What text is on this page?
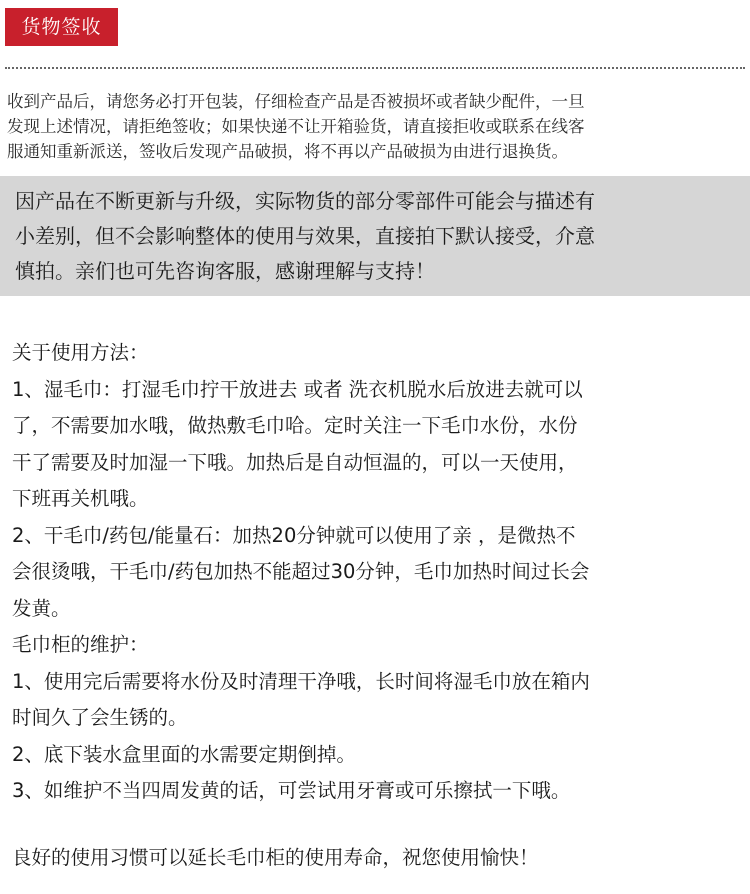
货物签收
收到产品后，请您务必打开包装，仔细检查产品是否被损坏或者缺少配件，一旦
发现上述情况，请拒绝签收；如果快递不让开箱验货，请直接拒收或联系在线客
服通知重新派送，签收后发现产品破损，将不再以产品破损为由进行退换货。
因产品在不断更新与升级，实际物货的部分零部件可能会与描述有
小差别，但不会影响整体的使用与效果，直接拍下默认接受，介意
慎拍。亲们也可先咨询客服，感谢理解与支持！
关于使用方法：
1、湿毛巾：打湿毛巾拧干放进去 或者 洗衣机脱水后放进去就可以
了，不需要加水哦，做热敷毛巾哈。定时关注一下毛巾水份，水份
干了需要及时加湿一下哦。加热后是自动恒温的，可以一天使用，
下班再关机哦。
2、干毛巾/药包/能量石：加热20分钟就可以使用了亲 ，是微热不
会很烫哦，干毛巾/药包加热不能超过30分钟，毛巾加热时间过长会
发黄。
毛巾柜的维护：
1、使用完后需要将水份及时清理干净哦，长时间将湿毛巾放在箱内
时间久了会生锈的。
2、底下装水盒里面的水需要定期倒掉。
3、如维护不当四周发黄的话，可尝试用牙膏或可乐擦拭一下哦。
良好的使用习惯可以延长毛巾柜的使用寿命，祝您使用愉快！
